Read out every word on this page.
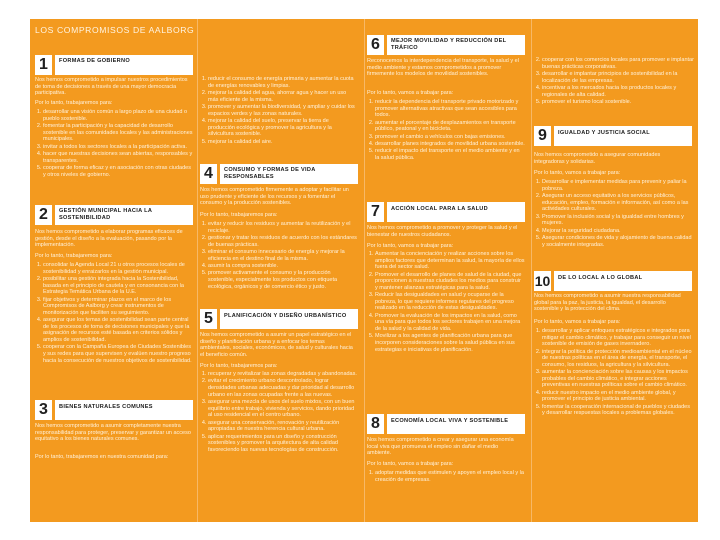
LOS COMPROMISOS DE AALBORG
1	FORMAS DE GOBIERNO

Nos hemos comprometido a impulsar nuestros procedimientos de toma de decisiones a través de una mayor democracia participativa.

Por lo tanto, trabajaremos para:

1. desarrollar una visión común a largo plazo de una ciudad o pueblo sostenible.
2. fomentar la participación y la capacidad de desarrollo sostenible en las comunidades locales y las administraciones municipales.
3. invitar a todos los sectores locales a la participación activa.
4. hacer que nuestras decisiones sean abiertas, responsables y transparentes.
5. cooperar de forma eficaz y en asociación con otras ciudades y otros niveles de gobierno.
2	GESTIÓN MUNICIPAL HACIA LA SOSTENIBILIDAD

Nos hemos comprometido a elaborar programas eficaces de gestión, desde el diseño a la evaluación, pasando por la implementación.

Por lo tanto, trabajaremos para:

1. consolidar la Agenda Local 21 u otros procesos locales de sostenibilidad y enraizarlos en la gestión municipal.
2. posibilitar una gestión integrada hacia la Sostenibilidad, basada en el principio de cautela y en consonancia con la Estrategia Temática Urbana de la U.E.
3. fijar objetivos y determinar plazos en el marco de los Compromisos de Aalborg y crear instrumentos de monitorización que faciliten su seguimiento.
4. asegurar que los temas de sostenibilidad sean parte central de los procesos de toma de decisiones municipales y que la asignación de recursos esté basada en criterios sólidos y amplios de sostenibilidad.
5. cooperar con la Campaña Europea de Ciudades Sostenibles y sus redes para que supervisen y evalúen nuestro progreso hacia la consecución de nuestros objetivos de sostenibilidad.
3	BIENES NATURALES COMUNES

Nos hemos comprometido a asumir completamente nuestra responsabilidad para proteger, preservar y garantizar un acceso equitativo a los bienes naturales comunes.

Por lo tanto, trabajaremos en nuestra comunidad para:

1. reducir el consumo de energía primaria y aumentar la cuota de energías renovables y limpias.
2. mejorar la calidad del agua, ahorrar agua y hacer un uso más eficiente de la misma.
3. promover y aumentar la biodiversidad, y ampliar y cuidar los espacios verdes y las zonas naturales.
4. mejorar la calidad del suelo, preservar la tierra de producción ecológica y promover la agricultura y la silvicultura sostenible.
5. mejorar la calidad del aire.
4	CONSUMO Y FORMAS DE VIDA RESPONSABLES

Nos hemos comprometido firmemente a adoptar y facilitar un uso prudente y eficiente de los recursos y a fomentar el consumo y la producción sostenibles.

Por lo tanto, trabajaremos para:

1. evitar y reducir los residuos y aumentar la reutilización y el reciclaje.
2. gestionar y tratar los residuos de acuerdo con los estándares de buenas prácticas.
3. eliminar el consumo innecesario de energía y mejorar la eficiencia en el destino final de la misma.
4. asumir la compra sostenible.
5. promover activamente el consumo y la producción sostenible, especialmente los productos con etiqueta ecológica, orgánicos y de comercio ético y justo.
5	PLANIFICACIÓN Y DISEÑO URBANÍSTICO

Nos hemos comprometido a asumir un papel estratégico en el diseño y planificación urbana y a enfocar los temas ambientales, sociales, económicos, de salud y culturales hacia el beneficio común.

Por lo tanto, trabajaremos para:

1. recuperar y revitalizar las zonas degradadas y abandonadas.
2. evitar el crecimiento urbano descontrolado, lograr densidades urbanas adecuadas y dar prioridad al desarrollo urbano en las zonas ocupadas frente a las nuevas.
3. asegurar una mezcla de usos del suelo mixtos, con un buen equilibrio entre trabajo, vivienda y servicios, dando prioridad al uso residencial en el centro urbano.
4. asegurar una conservación, renovación y reutilización apropiadas de nuestra herencia cultural urbana.
5. aplicar requerimientos para un diseño y construcción sostenibles y promover la arquitectura de alta calidad favoreciendo las nuevas tecnologías de construcción.
6	MEJOR MOVILIDAD Y REDUCCIÓN DEL TRÁFICO

Reconocemos la interdependencia del transporte, la salud y el medio ambiente y estamos comprometidos a promover firmemente los modelos de movilidad sostenibles.

Por lo tanto, vamos a trabajar para:

1. reducir la dependencia del transporte privado motorizado y promover alternativas atractivas que sean accesibles para todos.
2. aumentar el porcentaje de desplazamientos en transporte público, peatonal y en bicicleta.
3. promover el cambio a vehículos con bajas emisiones.
4. desarrollar planes integrados de movilidad urbana sostenible.
5. reducir el impacto del transporte en el medio ambiente y en la salud pública.
7	ACCIÓN LOCAL PARA LA SALUD

Nos hemos comprometido a promover y proteger la salud y el bienestar de nuestros ciudadanos.

Por lo tanto, vamos a trabajar para:

1. Aumentar la concienciación y realizar acciones sobre los amplios factores que determinan la salud, la mayoría de ellos fuera del sector salud.
2. Promover el desarrollo de planes de salud de la ciudad, que proporcionen a nuestras ciudades los medios para construir y mantener alianzas estratégicas para la salud.
3. Reducir las desigualdades en salud y ocuparse de la pobreza, lo que requiere informes regulares del progreso realizado en la reducción de estas desigualdades.
4. Promover la evaluación de los impactos en la salud, como una vía para que todos los sectores trabajen en una mejora de la salud y la calidad de vida.
5. Movilizar a los agentes de planificación urbana para que incorporen consideraciones sobre la salud pública en sus estrategias e iniciativas de planificación.
8	ECONOMÍA LOCAL VIVA Y SOSTENIBLE

Nos hemos comprometido a crear y asegurar una economía local viva que promueva el empleo sin dañar el medio ambiente.

Por lo tanto, vamos a trabajar para:

1. adoptar medidas que estimulen y apoyen el empleo local y la creación de empresas.
2. cooperar con los comercios locales para promover e implantar buenas prácticas corporativas.
3. desarrollar e implantar principios de sostenibilidad en la localización de las empresas.
4. incentivar a los mercados hacia los productos locales y regionales de alta calidad.
5. promover el turismo local sostenible.
9	IGUALDAD Y JUSTICIA SOCIAL

Nos hemos comprometido a asegurar comunidades integradoras y solidarias.

Por lo tanto, vamos a trabajar para:

1. Desarrollar e implementar medidas para prevenir y paliar la pobreza.
2. Asegurar un acceso equitativo a los servicios públicos, educación, empleo, formación e información, así como a las actividades culturales.
3. Promover la inclusión social y la igualdad entre hombres y mujeres.
4. Mejorar la seguridad ciudadana.
5. Asegurar condiciones de vida y alojamiento de buena calidad y socialmente integradas.
10	DE LO LOCAL A LO GLOBAL

Nos hemos comprometido a asumir nuestra responsabilidad global para la paz, la justicia, la igualdad, el desarrollo sostenible y la protección del clima.

Por lo tanto, vamos a trabajar para:

1. desarrollar y aplicar enfoques estratégicos e integrados para mitigar el cambio climático, y trabajar para conseguir un nivel sostenible de emisión de gases invernadero.
2. integrar la política de protección medioambiental en el núcleo de nuestras políticas en el área de energía, el transporte, el consumo, los residuos, la agricultura y la silvicultura.
3. aumentar la concienciación sobre las causas y los impactos probables del cambio climático, e integrar acciones preventivas en nuestras políticas sobre el cambio climático.
4. reducir nuestro impacto en el medio ambiente global, y promover el principio de justicia ambiental.
5. fomentar la cooperación internacional de pueblos y ciudades y desarrollar respuestas locales a problemas globales.
